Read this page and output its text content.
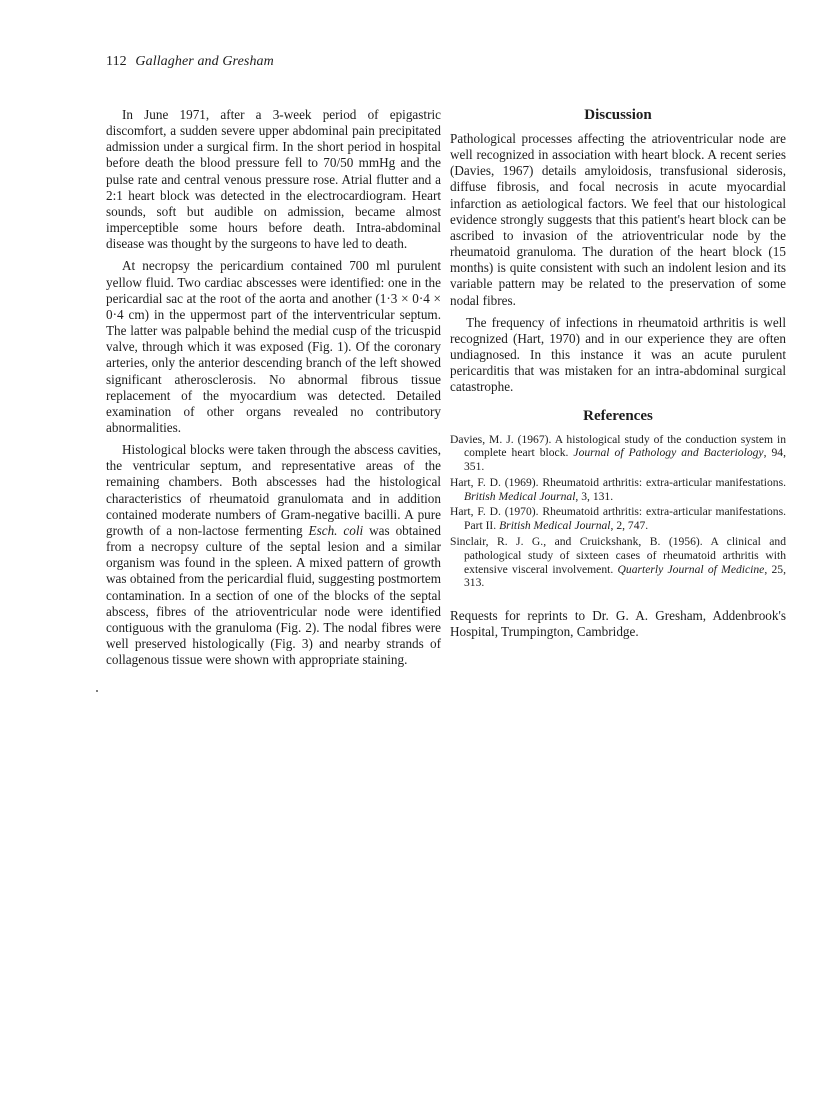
112 Gallagher and Gresham

In June 1971, after a 3-week period of epigastric discomfort, a sudden severe upper abdominal pain precipitated admission under a surgical firm. In the short period in hospital before death the blood pressure fell to 70/50 mmHg and the pulse rate and central venous pressure rose. Atrial flutter and a 2:1 heart block was detected in the electrocardiogram. Heart sounds, soft but audible on admission, became almost imperceptible some hours before death. Intra-abdominal disease was thought by the surgeons to have led to death.

At necropsy the pericardium contained 700 ml purulent yellow fluid. Two cardiac abscesses were identified: one in the pericardial sac at the root of the aorta and another (1·3 × 0·4 × 0·4 cm) in the uppermost part of the interventricular septum. The latter was palpable behind the medial cusp of the tricuspid valve, through which it was exposed (Fig. 1). Of the coronary arteries, only the anterior descending branch of the left showed significant atherosclerosis. No abnormal fibrous tissue replacement of the myocardium was detected. Detailed examination of other organs revealed no contributory abnormalities.

Histological blocks were taken through the abscess cavities, the ventricular septum, and representative areas of the remaining chambers. Both abscesses had the histological characteristics of rheumatoid granulomata and in addition contained moderate numbers of Gram-negative bacilli. A pure growth of a non-lactose fermenting Esch. coli was obtained from a necropsy culture of the septal lesion and a similar organism was found in the spleen. A mixed pattern of growth was obtained from the pericardial fluid, suggesting postmortem contamination. In a section of one of the blocks of the septal abscess, fibres of the atrioventricular node were identified contiguous with the granuloma (Fig. 2). The nodal fibres were well preserved histologically (Fig. 3) and nearby strands of collagenous tissue were shown with appropriate staining.

Discussion

Pathological processes affecting the atrioventricular node are well recognized in association with heart block. A recent series (Davies, 1967) details amyloidosis, transfusional siderosis, diffuse fibrosis, and focal necrosis in acute myocardial infarction as aetiological factors. We feel that our histological evidence strongly suggests that this patient's heart block can be ascribed to invasion of the atrioventricular node by the rheumatoid granuloma. The duration of the heart block (15 months) is quite consistent with such an indolent lesion and its variable pattern may be related to the preservation of some nodal fibres.

The frequency of infections in rheumatoid arthritis is well recognized (Hart, 1970) and in our experience they are often undiagnosed. In this instance it was an acute purulent pericarditis that was mistaken for an intra-abdominal surgical catastrophe.

References
Davies, M. J. (1967). A histological study of the conduction system in complete heart block. Journal of Pathology and Bacteriology, 94, 351.
Hart, F. D. (1969). Rheumatoid arthritis: extra-articular manifestations. British Medical Journal, 3, 131.
Hart, F. D. (1970). Rheumatoid arthritis: extra-articular manifestations. Part II. British Medical Journal, 2, 747.
Sinclair, R. J. G., and Cruickshank, B. (1956). A clinical and pathological study of sixteen cases of rheumatoid arthritis with extensive visceral involvement. Quarterly Journal of Medicine, 25, 313.

Requests for reprints to Dr. G. A. Gresham, Addenbrook's Hospital, Trumpington, Cambridge.
